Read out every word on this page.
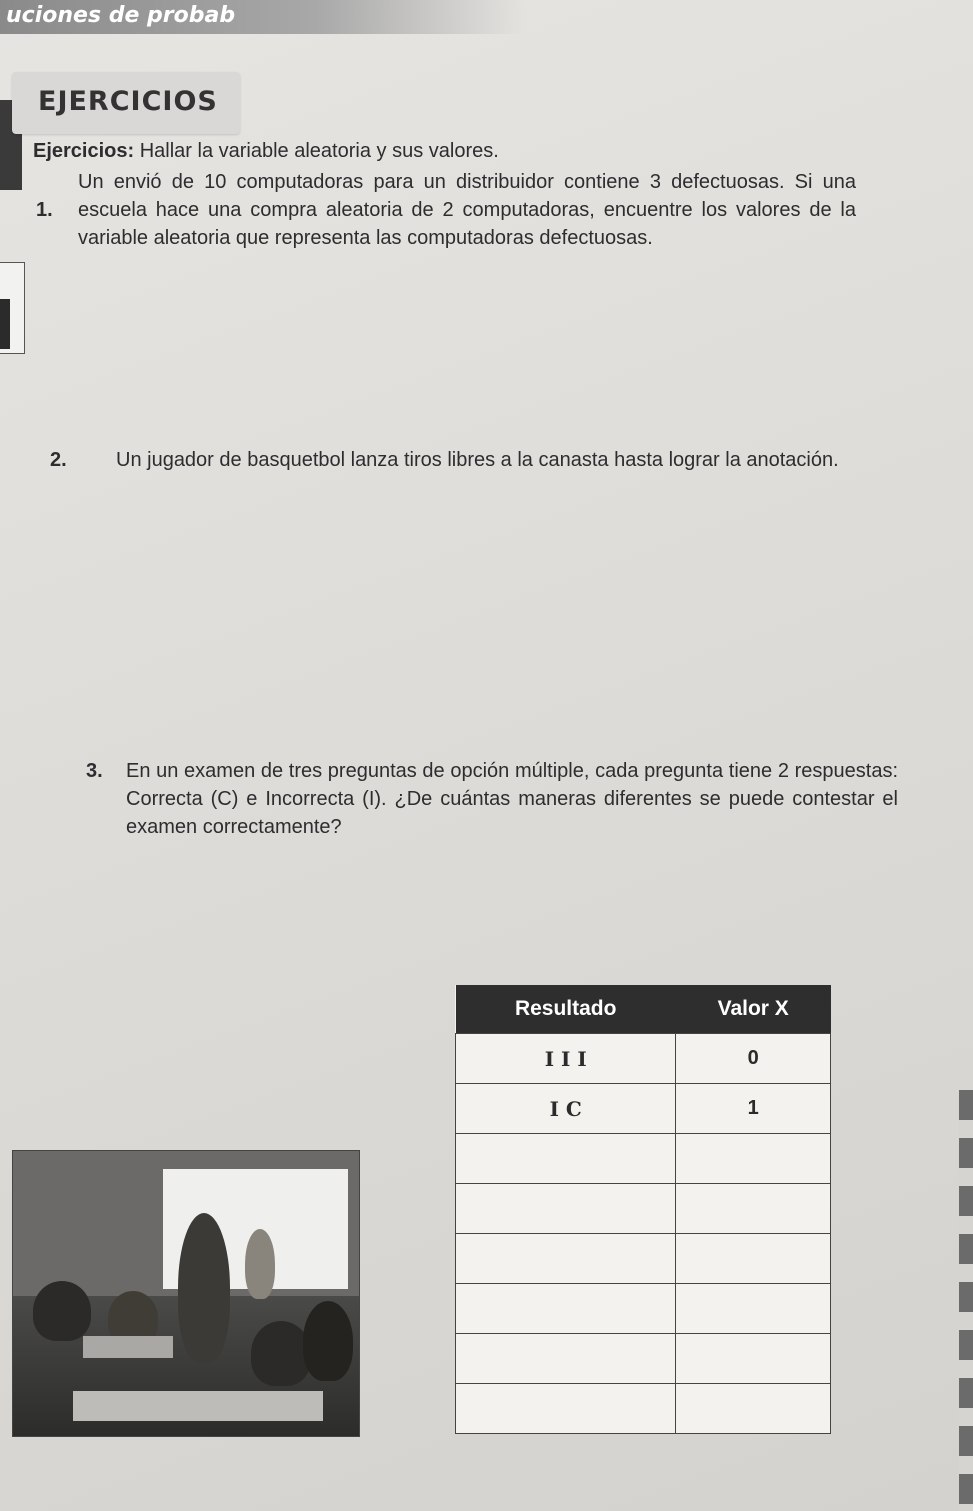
uciones de probab
EJERCICIOS
Ejercicios: Hallar la variable aleatoria y sus valores.
1.

Un envió de 10 computadoras para un distribuidor contiene 3 defectuosas. Si una escuela hace una compra aleatoria de 2 computadoras, encuentre los valores de la variable aleatoria que representa las computadoras defectuosas.

2. Un jugador de basquetbol lanza tiros libres a la canasta hasta lograr la anotación.

3. En un examen de tres preguntas de opción múltiple, cada pregunta tiene 2 respuestas: Correcta (C) e Incorrecta (I). ¿De cuántas maneras diferentes se puede contestar el examen correctamente?

Resultado	Valor X
I I I	0
I C	1
